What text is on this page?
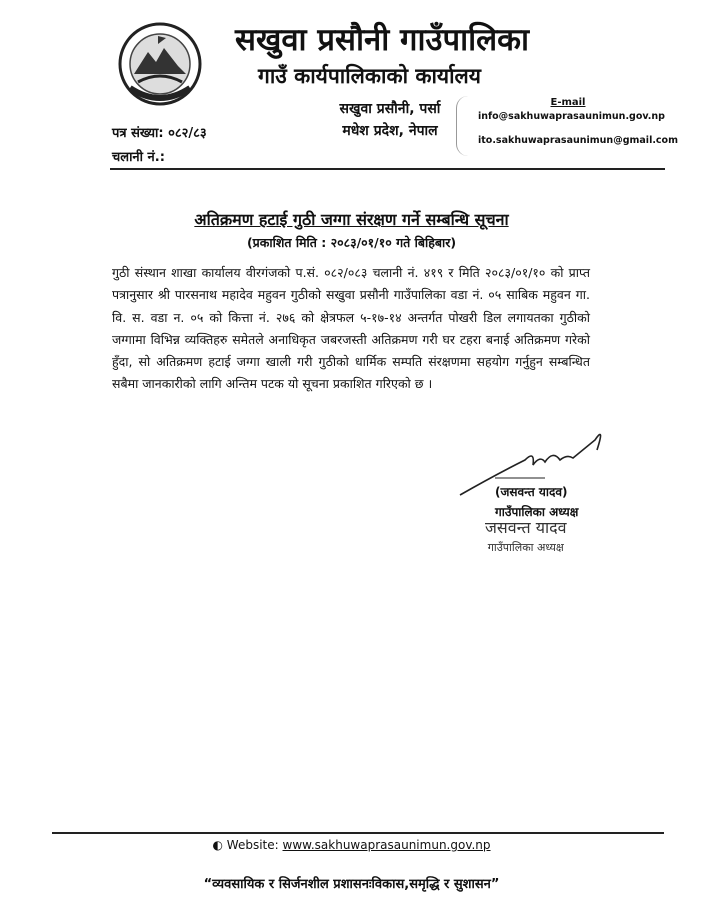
सखुवा प्रसौनी गाउँपालिका
गाउँ कार्यपालिकाको कार्यालय
सखुवा प्रसौनी, पर्सा
मधेश प्रदेश, नेपाल
E-mail
info@sakhuwaprasaunimun.gov.np
ito.sakhuwaprasaunimun@gmail.com
पत्र संख्या: ०८२/८३
चलानी नं.:
अतिक्रमण हटाई गुठी जग्गा संरक्षण गर्ने सम्बन्धि सूचना
(प्रकाशित मिति : २०८३/०१/१० गते बिहिबार)
गुठी संस्थान शाखा कार्यालय वीरगंजको प.सं. ०८२/०८३ चलानी नं. ४१९ र मिति २०८३/०१/१० को प्राप्त पत्रानुसार श्री पारसनाथ महादेव महुवन गुठीको सखुवा प्रसौनी गाउँपालिका वडा नं. ०५ साबिक महुवन गा. वि. स. वडा न. ०५ को कित्ता नं. २७६ को क्षेत्रफल ५-१७-१४ अन्तर्गत पोखरी डिल लगायतका गुठीको जग्गामा विभिन्न व्यक्तिहरु समेतले अनाधिकृत जबरजस्ती अतिक्रमण गरी घर टहरा बनाई अतिक्रमण गरेको हुँदा, सो अतिक्रमण हटाई जग्गा खाली गरी गुठीको धार्मिक सम्पति संरक्षणमा सहयोग गर्नुहुन सम्बन्धित सबैमा जानकारीको लागि अन्तिम पटक यो सूचना प्रकाशित गरिएको छ ।
(जसवन्त यादव)
गाउँपालिका अध्यक्ष
जसवन्त यादव
गाउँपालिका अध्यक्ष
◐ Website: www.sakhuwaprasaunimun.gov.np
“व्यवसायिक र सिर्जनशील प्रशासनःविकास,समृद्धि र सुशासन”
